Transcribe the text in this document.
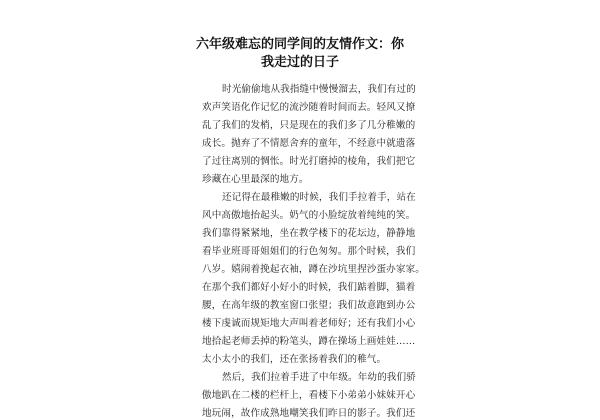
六年级难忘的同学间的友情作文：你
我走过的日子
时光偷偷地从我指缝中慢慢溜去，我们有过的
欢声笑语化作记忆的流沙随着时间而去。轻风又撩
乱了我们的发梢，只是现在的我们多了几分稚嫩的
成长。抛弃了不情愿舍弃的童年，不经意中就遗落
了过往离别的惆怅。时光打磨掉的棱角，我们把它
珍藏在心里最深的地方。
还记得在最稚嫩的时候，我们手拉着手，站在
风中高傲地抬起头。奶气的小脸绽放着纯纯的笑。
我们靠得紧紧地，坐在教学楼下的花坛边，静静地
看毕业班哥哥姐姐们的行色匆匆。那个时候，我们
八岁。嬉闹着挽起衣袖，蹲在沙坑里捏沙蛋办家家。
在那个我们都好小好小的时候，我们踮着脚，猫着
腰，在高年级的教室窗口张望；我们故意跑到办公
楼下虔诚而规矩地大声叫着老师好；还有我们小心
地拾起老师丢掉的粉笔头，蹲在操场上画娃娃……
太小太小的我们，还在张扬着我们的稚气。
然后，我们拉着手进了中年级。年幼的我们骄
傲地趴在二楼的栏杆上，看楼下小弟弟小妹妹开心
地玩闹，故作成熟地嘲笑我们昨日的影子。我们还
